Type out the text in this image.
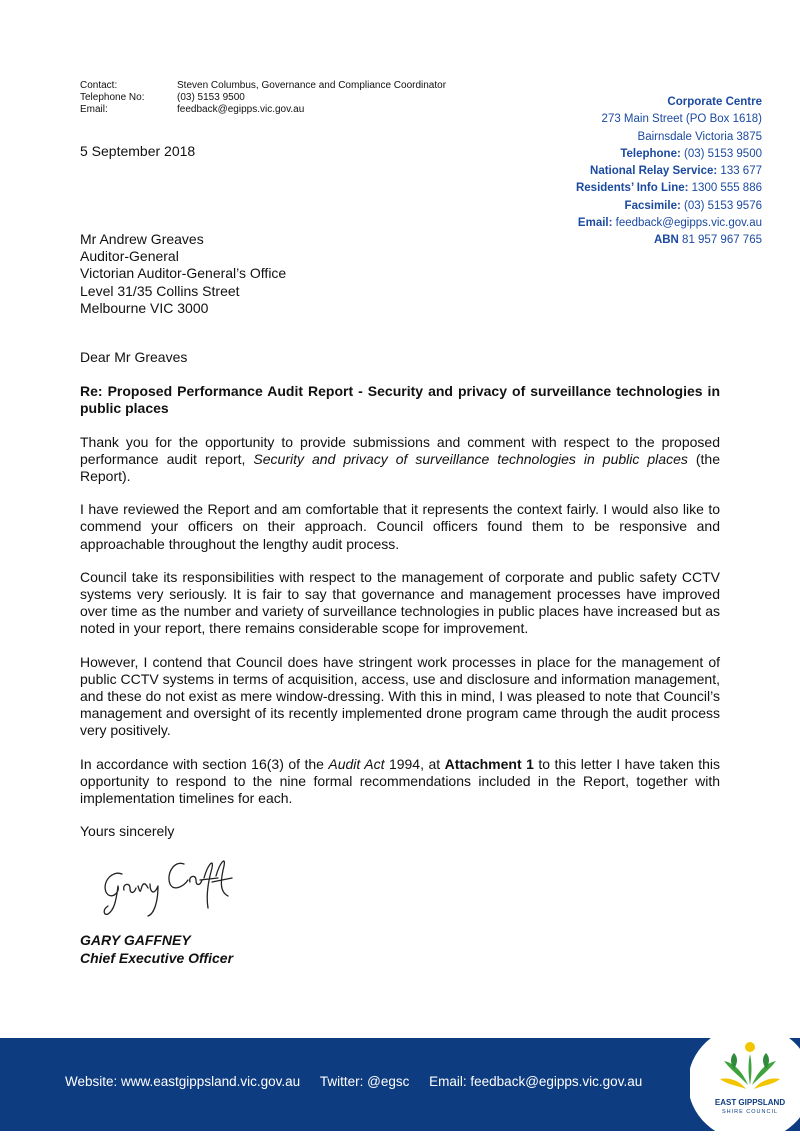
Contact:	Steven Columbus, Governance and Compliance Coordinator
Telephone No:	(03) 5153 9500
Email:	feedback@egipps.vic.gov.au
Corporate Centre
273 Main Street (PO Box 1618)
Bairnsdale Victoria 3875
Telephone: (03) 5153 9500
National Relay Service: 133 677
Residents’ Info Line: 1300 555 886
Facsimile: (03) 5153 9576
Email: feedback@egipps.vic.gov.au
ABN 81 957 967 765
5 September 2018
Mr Andrew Greaves
Auditor-General
Victorian Auditor-General’s Office
Level 31/35 Collins Street
Melbourne VIC 3000

Dear Mr Greaves

Re: Proposed Performance Audit Report - Security and privacy of surveillance technologies in public places

Thank you for the opportunity to provide submissions and comment with respect to the proposed performance audit report, Security and privacy of surveillance technologies in public places (the Report).

I have reviewed the Report and am comfortable that it represents the context fairly. I would also like to commend your officers on their approach. Council officers found them to be responsive and approachable throughout the lengthy audit process.

Council take its responsibilities with respect to the management of corporate and public safety CCTV systems very seriously. It is fair to say that governance and management processes have improved over time as the number and variety of surveillance technologies in public places have increased but as noted in your report, there remains considerable scope for improvement.

However, I contend that Council does have stringent work processes in place for the management of public CCTV systems in terms of acquisition, access, use and disclosure and information management, and these do not exist as mere window-dressing. With this in mind, I was pleased to note that Council’s management and oversight of its recently implemented drone program came through the audit process very positively.

In accordance with section 16(3) of the Audit Act 1994, at Attachment 1 to this letter I have taken this opportunity to respond to the nine formal recommendations included in the Report, together with implementation timelines for each.

Yours sincerely

GARY GAFFNEY
Chief Executive Officer
Website: www.eastgippsland.vic.gov.au Twitter: @egsc Email: feedback@egipps.vic.gov.au
EAST GIPPSLAND
SHIRE COUNCIL
